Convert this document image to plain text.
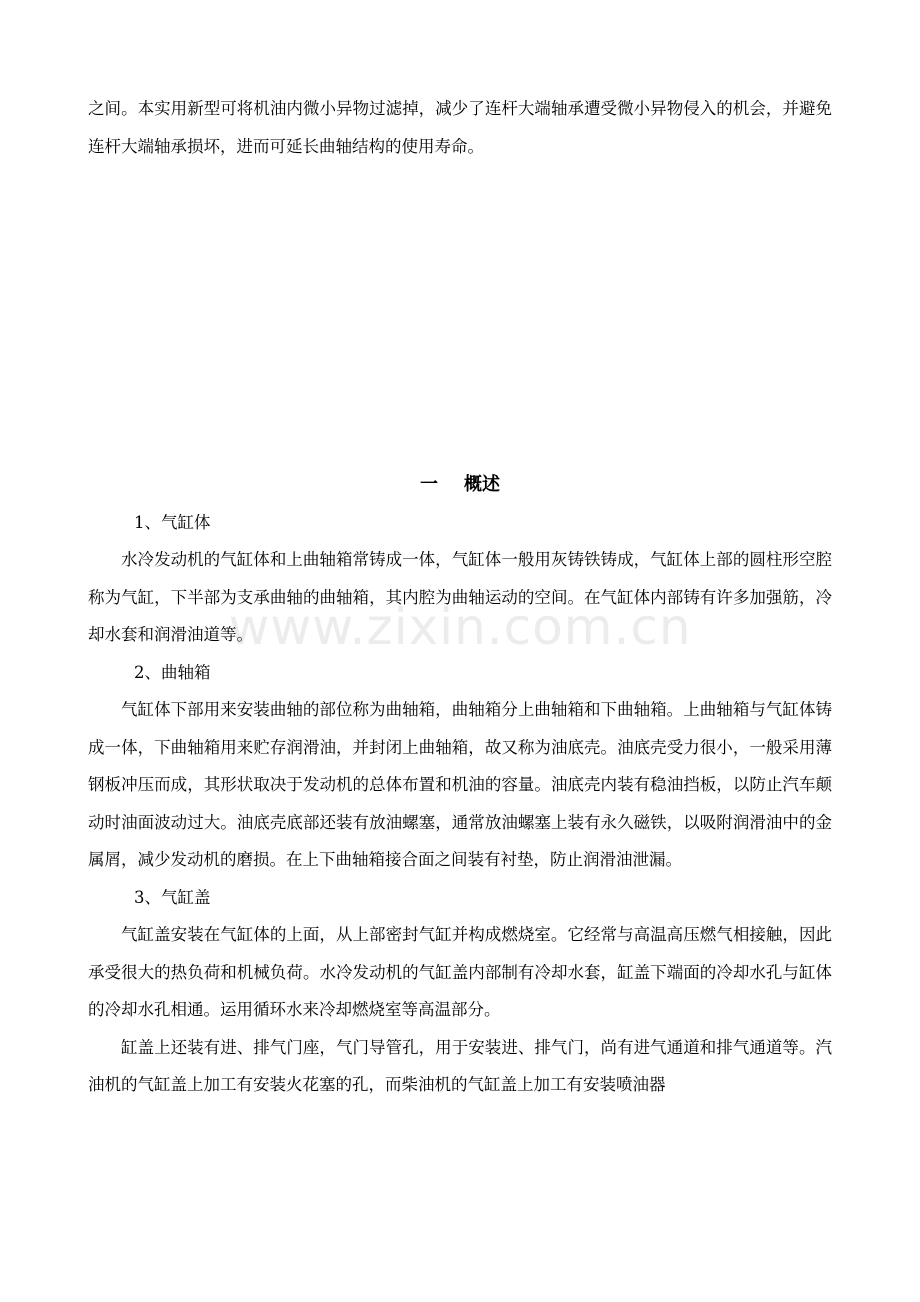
www.zixin.com.cn

之间。本实用新型可将机油内微小异物过滤掉，减少了连杆大端轴承遭受微小异物侵入的机会，并避免连杆大端轴承损坏，进而可延长曲轴结构的使用寿命。

一 概述

1、气缸体

水冷发动机的气缸体和上曲轴箱常铸成一体，气缸体一般用灰铸铁铸成，气缸体上部的圆柱形空腔称为气缸，下半部为支承曲轴的曲轴箱，其内腔为曲轴运动的空间。在气缸体内部铸有许多加强筋，冷却水套和润滑油道等。

2、曲轴箱

气缸体下部用来安装曲轴的部位称为曲轴箱，曲轴箱分上曲轴箱和下曲轴箱。上曲轴箱与气缸体铸成一体，下曲轴箱用来贮存润滑油，并封闭上曲轴箱，故又称为油底壳。油底壳受力很小，一般采用薄钢板冲压而成，其形状取决于发动机的总体布置和机油的容量。油底壳内装有稳油挡板，以防止汽车颠动时油面波动过大。油底壳底部还装有放油螺塞，通常放油螺塞上装有永久磁铁，以吸附润滑油中的金属屑，减少发动机的磨损。在上下曲轴箱接合面之间装有衬垫，防止润滑油泄漏。

3、气缸盖

气缸盖安装在气缸体的上面，从上部密封气缸并构成燃烧室。它经常与高温高压燃气相接触，因此承受很大的热负荷和机械负荷。水冷发动机的气缸盖内部制有冷却水套，缸盖下端面的冷却水孔与缸体的冷却水孔相通。运用循环水来冷却燃烧室等高温部分。

缸盖上还装有进、排气门座，气门导管孔，用于安装进、排气门，尚有进气通道和排气通道等。汽油机的气缸盖上加工有安装火花塞的孔，而柴油机的气缸盖上加工有安装喷油器
